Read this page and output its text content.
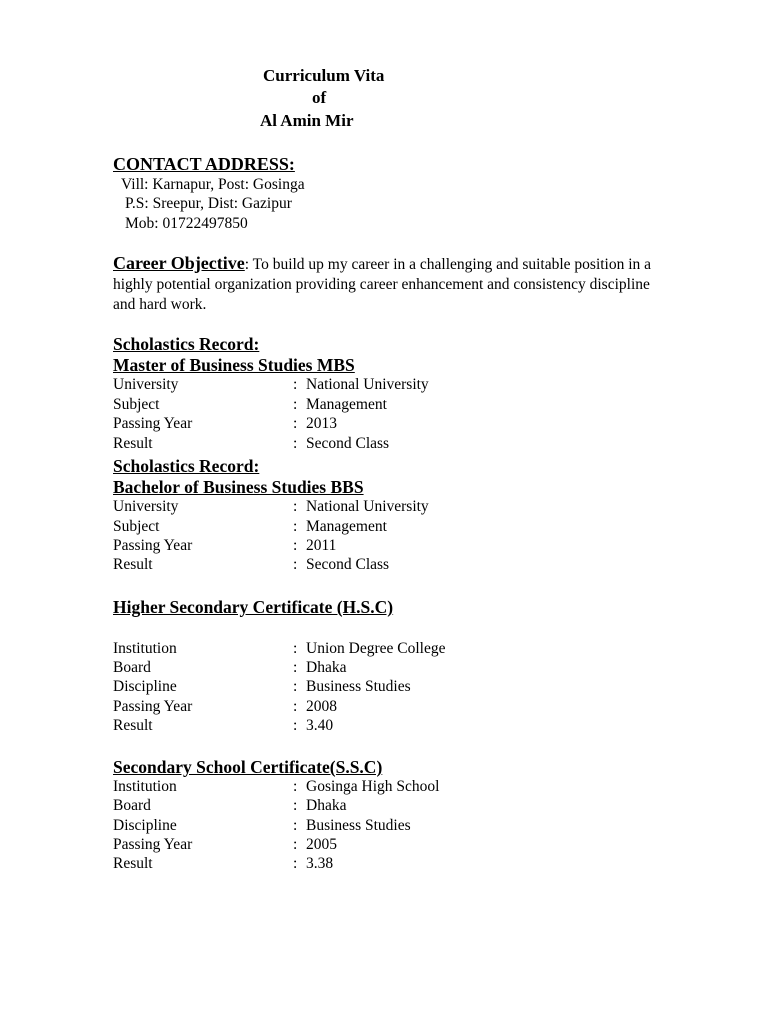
Curriculum Vita
of
Al Amin Mir
CONTACT ADDRESS:
Vill: Karnapur, Post: Gosinga
P.S: Sreepur, Dist: Gazipur
Mob: 01722497850
Career Objective: To build up my career in a challenging and suitable position in a highly potential organization providing career enhancement and consistency discipline and hard work.
Scholastics Record:
Master of Business Studies MBS
University	: National University
Subject	: Management
Passing Year	: 2013
Result	: Second Class
Scholastics Record:
Bachelor of Business Studies BBS
University	: National University
Subject	: Management
Passing Year	: 2011
Result	: Second Class
Higher Secondary Certificate (H.S.C)
Institution	: Union Degree College
Board	: Dhaka
Discipline	: Business Studies
Passing Year	: 2008
Result	: 3.40
Secondary School Certificate(S.S.C)
Institution	: Gosinga High School
Board	: Dhaka
Discipline	: Business Studies
Passing Year	: 2005
Result	: 3.38
